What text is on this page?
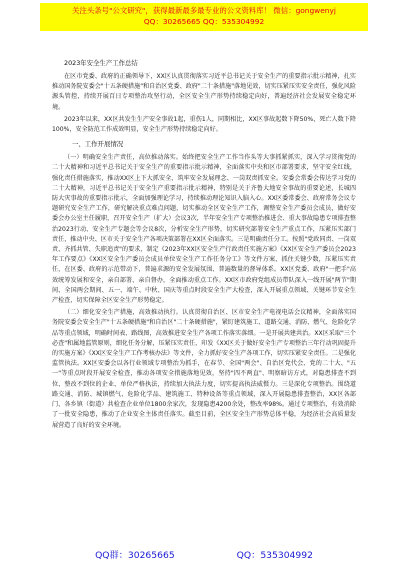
关注头条号"公文研究"，获得最新最多最专业的公文资料库！ 微信：gongwenyj
QQ：30265665 QQ：535304992

2023年安全生产工作总结

在区市党委、政府的正确领导下，XX区认真贯彻落实习近平总书记关于安全生产的重要指示批示精神，扎实推动国务院安委会"十五条硬措施"和自治区党委、政府"二十条措施"落地见效，切实压紧压实安全责任，强化风险源头管控，持续开展百日专项整治攻坚行动，全区安全生产形势持续稳定向好，普遍经济社会发展安全稳定环境。

2023年以来，XX区共发生生产安全事故1起，重伤1人，同期相比，XX区事故起数下降50%，死亡人数下降100%，安全防范工作成效明显，安全生产形势持续稳定向好。

一、工作开展情况

（一）明确安全生产责任，高位推动落实。始终把安全生产工作当作头等大事抓紧抓实，深入学习贯彻党的二十大精神和习近平总书记关于安全生产的重要指示批示精神，全面落实中央和区市部署要求，坚守安全红线，强化责任措施落实，推动XX区上下大抓安全、筑牢安全发展理念、一岗双责抓安全。安委会常委会传达学习党的二十大精神，习近平总书记关于安全生产重要指示批示精神，特别是关于齐鲁大地安全事故的重要论述，长城四防大灾事故的重要指示批示，全面加强理论学习，持续推动理论知识入脑入心。XX区委常委会、政府常务会议专题研究安全生产工作，研究解决重点难点问题，切实推动全区安全生产工作，调整安全生产委员会成员，做好安委会办公室主任履职，召开安全生产（扩大）会议3次，半年安全生产专项整治推进会、重大事故隐患专项排查整治2023行动、安全生产专题会等会议8次，分析安全生产形势，切实研究部署安全生产重点工作，压紧压实部门责任，推动中央、区市关于安全生产各项决策部署在XX区全面落实。三是明确责任分工。按照"党政同责、一岗双责、齐抓共管、失职追责"的要求，制定《2023年XX区安全生产行政责任实施方案》《XX区安全生产委员会2023年工作要点》《XX区安全生产委员会成员单位安全生产工作任务分工》等文件方案，抓住关键少数，压紧压实责任，在区委、政府的示范带动下，普遍求源的安全发展氛围、普遍数量的督导体系。XX区党委、政府"一把手"高效统筹发展和安全，亲自部署、亲自督办，全面推动重点工作。XX区市政府党组成员带队深入一线开展"两节"期间、全国两会期间、五一、端午、中秋、国庆等重点时段安全生产大检查，深入开展重点领域、关键环节安全生产检查，切实保障全区安全生产形势稳定。

（二）细化安全生产措施，高效推动执行。认真贯彻自治区、区市安全生产电视电话会议精神，全面落实国务院安委会安全生产"十五条硬措施"和自治区"二十条硬措施"，紧盯建筑施工、道路交通、消防、燃气、危险化学品等重点领域，明确时间表、路线图，高效推进安全生产各项工作落实落细。一是开展共建共治。XX区采取"三个必查"和属地监管原则，细化任务分解，压紧压实责任，印发《XX区关于做好安全生产专项整治三年行动巩固提升的实施方案》《XX区安全生产工作考核办法》等文件，全力抓好安全生产各项工作，切实压紧安全责任。二是强化监管执法。XX区安委会以各行业领域专项整治为抓手，在春节、全国"两会"、自治区党代会、党的二十大、"五一"等重点时段开展安全检查，推动各项安全措施落地见效，坚持"四不两直"、明察暗访方式，对隐患排查不到位、整改不到位的企业、单位严格执法，持续加大执法力度，切实提高执法威慑力。三是深化专项整治。围绕道路交通、消防、城镇燃气、危险化学品、建筑施工、特种设备等重点领域，深入开展隐患排查整治，XX区各部门、各乡镇（街道）共检查企业单位1800余家次，发现隐患4200余处，整改率98%。通过专项整治，有效消除了一批安全隐患，推动了企业安全主体责任落实。截至目前，全区安全生产形势总体平稳，为经济社会高质量发展营造了良好的安全环境。

QQ群：30265665	QQ：535304992
